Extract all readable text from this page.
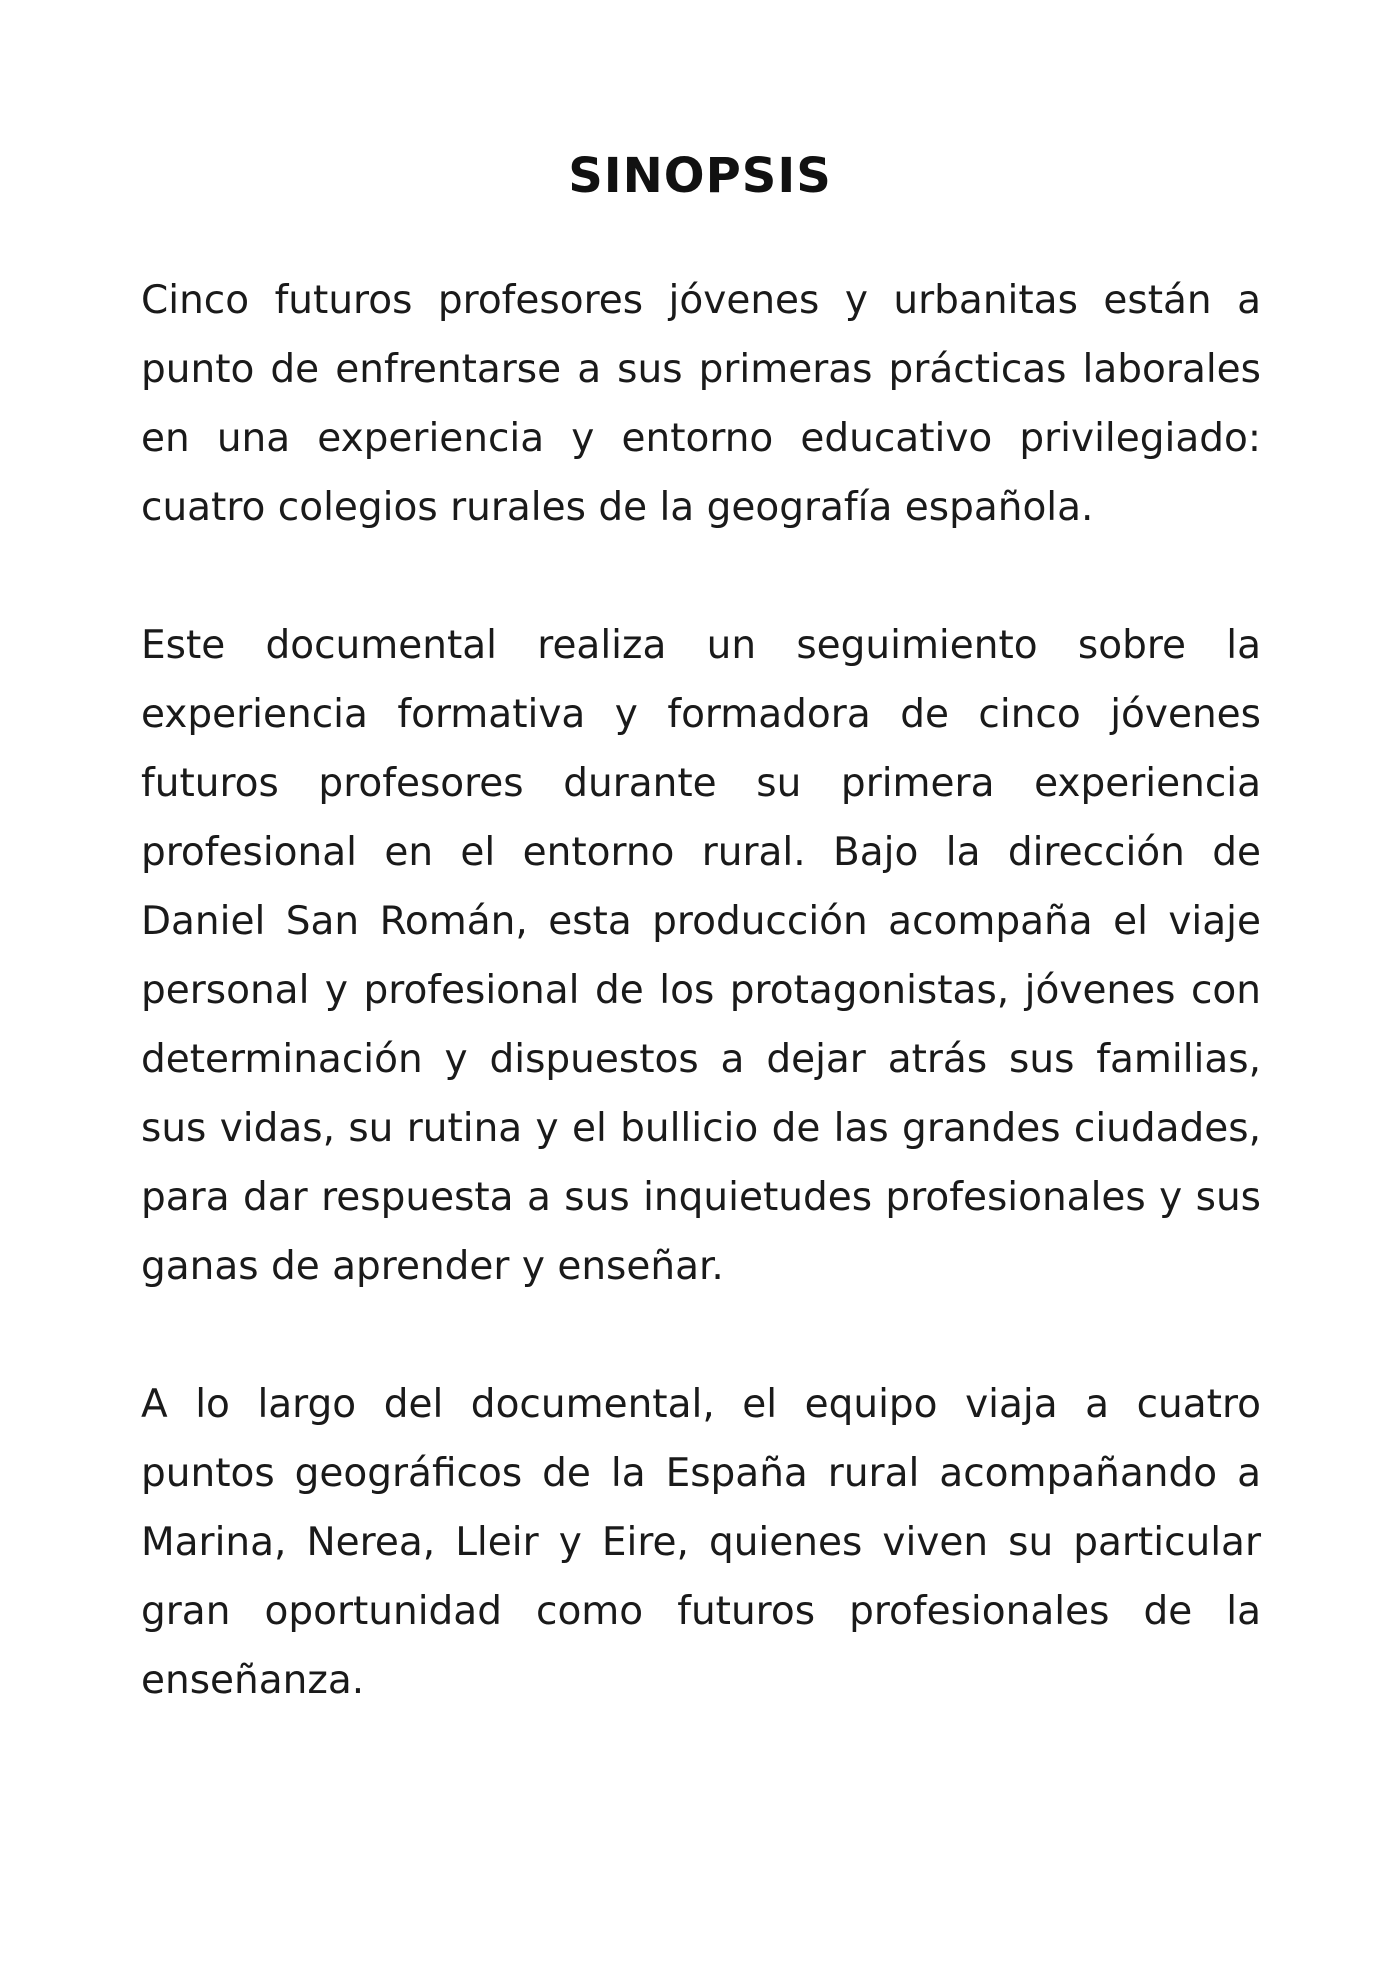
SINOPSIS

Cinco futuros profesores jóvenes y urbanitas están a punto de enfrentarse a sus primeras prácticas laborales en una experiencia y entorno educativo privilegiado: cuatro colegios rurales de la geografía española.

Este documental realiza un seguimiento sobre la experiencia formativa y formadora de cinco jóvenes futuros profesores durante su primera experiencia profesional en el entorno rural. Bajo la dirección de Daniel San Román, esta producción acompaña el viaje personal y profesional de los protagonistas, jóvenes con determinación y dispuestos a dejar atrás sus familias, sus vidas, su rutina y el bullicio de las grandes ciudades, para dar respuesta a sus inquietudes profesionales y sus ganas de aprender y enseñar.

A lo largo del documental, el equipo viaja a cuatro puntos geográficos de la España rural acompañando a Marina, Nerea, Lleir y Eire, quienes viven su particular gran oportunidad como futuros profesionales de la enseñanza.
